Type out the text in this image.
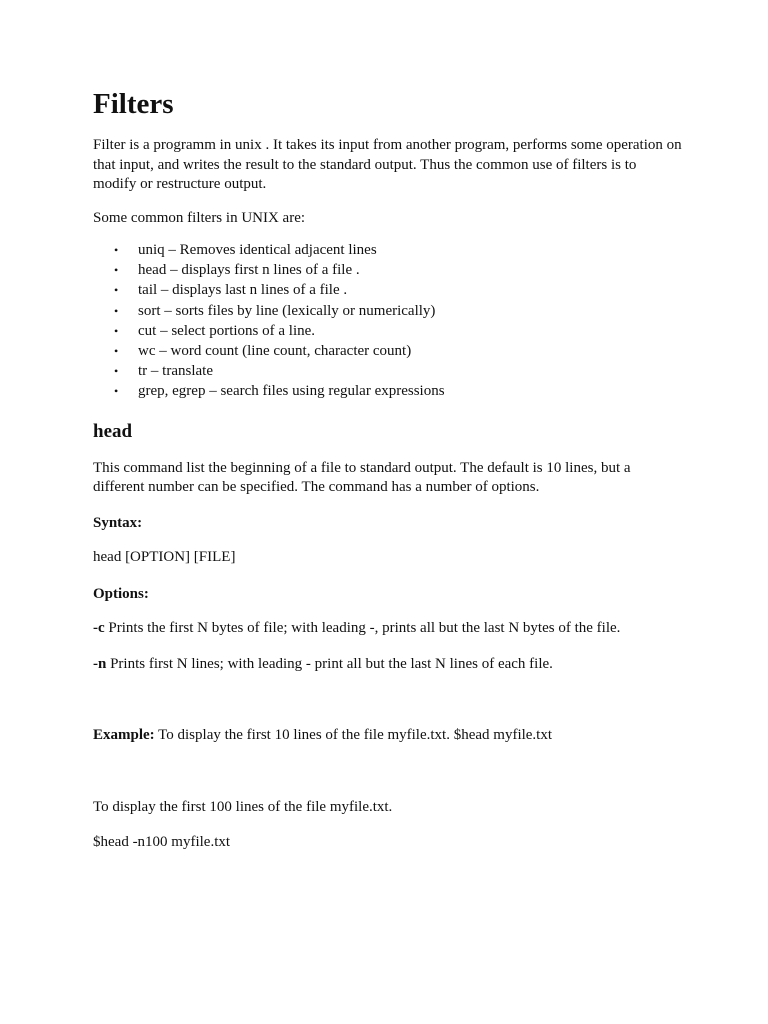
Filters

Filter is a programm in unix . It takes its input from another program, performs some operation on that input, and writes the result to the standard output. Thus the common use of filters is to modify or restructure output.

Some common filters in UNIX are:

• uniq – Removes identical adjacent lines
• head – displays first n lines of a file .
• tail – displays last n lines of a file .
• sort – sorts files by line (lexically or numerically)
• cut – select portions of a line.
• wc – word count (line count, character count)
• tr – translate
• grep, egrep – search files using regular expressions
head

This command list the beginning of a file to standard output. The default is 10 lines, but a different number can be specified. The command has a number of options.

Syntax:

head [OPTION] [FILE]

Options:

-c Prints the first N bytes of file; with leading -, prints all but the last N bytes of the file.

-n Prints first N lines; with leading - print all but the last N lines of each file.

Example: To display the first 10 lines of the file myfile.txt. $head myfile.txt

To display the first 100 lines of the file myfile.txt.

$head -n100 myfile.txt
